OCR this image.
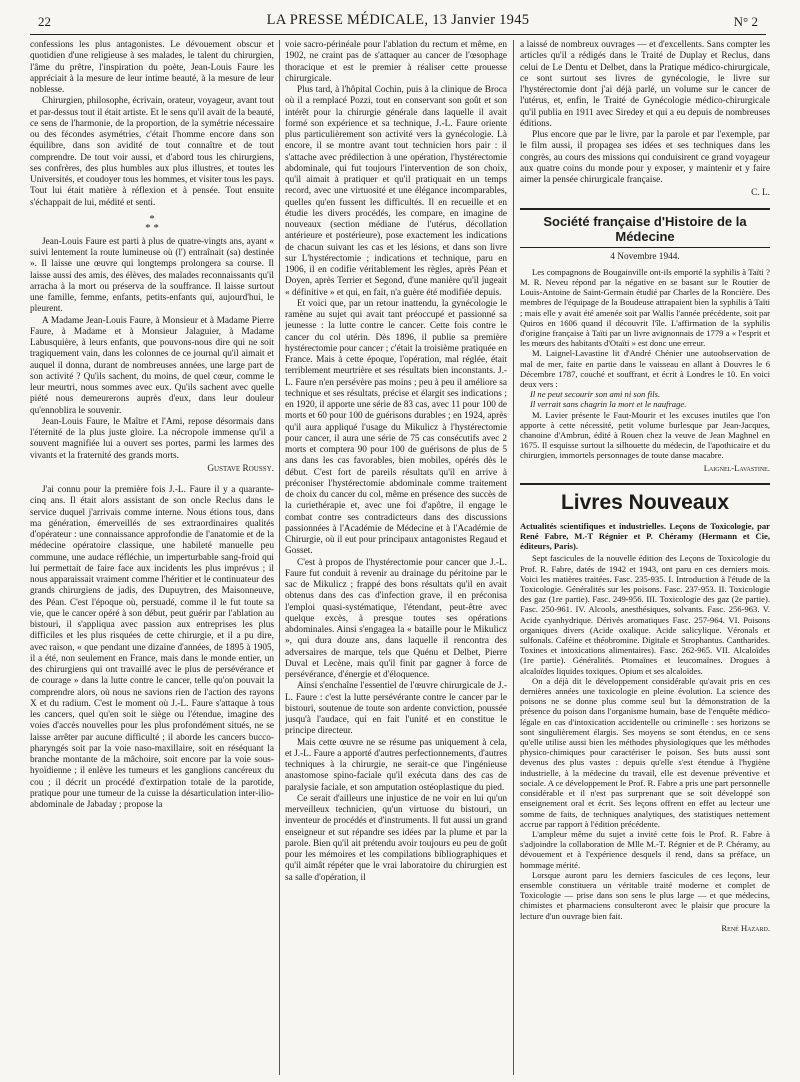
22	LA PRESSE MÉDICALE, 13 Janvier 1945	N° 2

confessions les plus antagonistes. Le dévouement obscur et quotidien d'une religieuse à ses malades, le talent du chirurgien, l'âme du prêtre, l'inspiration du poète, Jean-Louis Faure les appréciait à la mesure de leur intime beauté, à la mesure de leur noblesse.

Chirurgien, philosophe, écrivain, orateur, voyageur, avant tout et par-dessus tout il était artiste. Et le sens qu'il avait de la beauté, ce sens de l'harmonie, de la proportion, de la symétrie nécessaire ou des fécondes asymétries, c'était l'homme encore dans son équilibre, dans son avidité de tout connaître et de tout comprendre. De tout voir aussi, et d'abord tous les chirurgiens, ses confrères, des plus humbles aux plus illustres, et toutes les Universités, et coudoyer tous les hommes, et visiter tous les pays. Tout lui était matière à réflexion et à pensée. Tout ensuite s'échappait de lui, médité et senti.

*
* *

Jean-Louis Faure est parti à plus de quatre-vingts ans, ayant « suivi lentement la route lumineuse où (l') entraînait (sa) destinée ». Il laisse une œuvre qui longtemps prolongera sa course. Il laisse aussi des amis, des élèves, des malades reconnaissants qu'il arracha à la mort ou préserva de la souffrance. Il laisse surtout une famille, femme, enfants, petits-enfants qui, aujourd'hui, le pleurent.

A Madame Jean-Louis Faure, à Monsieur et à Madame Pierre Faure, à Madame et à Monsieur Jalaguier, à Madame Labusquière, à leurs enfants, que pouvons-nous dire qui ne soit tragiquement vain, dans les colonnes de ce journal qu'il aimait et auquel il donna, durant de nombreuses années, une large part de son activité ? Qu'ils sachent, du moins, de quel cœur, comme le leur meurtri, nous sommes avec eux. Qu'ils sachent avec quelle piété nous demeurerons auprès d'eux, dans leur douleur qu'ennoblira le souvenir.

Jean-Louis Faure, le Maître et l'Ami, repose désormais dans l'éternité de la plus juste gloire. La nécropole immense qu'il a souvent magnifiée lui a ouvert ses portes, parmi les larmes des vivants et la fraternité des grands morts.

Gustave Roussy.

J'ai connu pour la première fois J.-L. Faure il y a quarante-cinq ans. Il était alors assistant de son oncle Reclus dans le service duquel j'arrivais comme interne. Nous étions tous, dans ma génération, émerveillés de ses extraordinaires qualités d'opérateur : une connaissance approfondie de l'anatomie et de la médecine opératoire classique, une habileté manuelle peu commune, une audace réfléchie, un imperturbable sang-froid qui lui permettait de faire face aux incidents les plus imprévus ; il nous apparaissait vraiment comme l'héritier et le continuateur des grands chirurgiens de jadis, des Dupuytren, des Maisonneuve, des Péan. C'est l'époque où, persuadé, comme il le fut toute sa vie, que le cancer opéré à son début, peut guérir par l'ablation au bistouri, il s'appliqua avec passion aux entreprises les plus difficiles et les plus risquées de cette chirurgie, et il a pu dire, avec raison, « que pendant une dizaine d'années, de 1895 à 1905, il a été, non seulement en France, mais dans le monde entier, un des chirurgiens qui ont travaillé avec le plus de persévérance et de courage » dans la lutte contre le cancer, telle qu'on pouvait la comprendre alors, où nous ne savions rien de l'action des rayons X et du radium. C'est le moment où J.-L. Faure s'attaque à tous les cancers, quel qu'en soit le siège ou l'étendue, imagine des voies d'accès nouvelles pour les plus profondément situés, ne se laisse arrêter par aucune difficulté ; il aborde les cancers bucco-pharyngés soit par la voie naso-maxillaire, soit en réséquant la branche montante de la mâchoire, soit encore par la voie sous-hyoïdienne ; il enlève les tumeurs et les ganglions cancéreux du cou ; il décrit un procédé d'extirpation totale de la parotide, pratique pour une tumeur de la cuisse la désarticulation inter-ilio-abdominale de Jabaday ; propose la

voie sacro-périnéale pour l'ablation du rectum et même, en 1902, ne craint pas de s'attaquer au cancer de l'œsophage thoracique et est le premier à réaliser cette prouesse chirurgicale.

Plus tard, à l'hôpital Cochin, puis à la clinique de Broca où il a remplacé Pozzi, tout en conservant son goût et son intérêt pour la chirurgie générale dans laquelle il avait formé son expérience et sa technique, J.-L. Faure oriente plus particulièrement son activité vers la gynécologie. Là encore, il se montre avant tout technicien hors pair : il s'attache avec prédilection à une opération, l'hystérectomie abdominale, qui fut toujours l'intervention de son choix, qu'il aimait à pratiquer et qu'il pratiquait en un temps record, avec une virtuosité et une élégance incomparables, quelles qu'en fussent les difficultés. Il en recueille et en étudie les divers procédés, les compare, en imagine de nouveaux (section médiane de l'utérus, décollation antérieure et postérieure), pose exactement les indications de chacun suivant les cas et les lésions, et dans son livre sur L'hystérectomie ; indications et technique, paru en 1906, il en codifie véritablement les règles, après Péan et Doyen, après Terrier et Segond, d'une manière qu'il jugeait « définitive » et qui, en fait, n'a guère été modifiée depuis.

Et voici que, par un retour inattendu, la gynécologie le ramène au sujet qui avait tant préoccupé et passionné sa jeunesse : la lutte contre le cancer. Cette fois contre le cancer du col utérin. Dès 1896, il publie sa première hystérectomie pour cancer ; c'était la troisième pratiquée en France. Mais à cette époque, l'opération, mal réglée, était terriblement meurtrière et ses résultats bien inconstants. J.-L. Faure n'en persévère pas moins ; peu à peu il améliore sa technique et ses résultats, précise et élargit ses indications ; en 1920, il apporte une série de 83 cas, avec 11 pour 100 de morts et 60 pour 100 de guérisons durables ; en 1924, après qu'il aura appliqué l'usage du Mikulicz à l'hystérectomie pour cancer, il aura une série de 75 cas consécutifs avec 2 morts et comptera 90 pour 100 de guérisons de plus de 5 ans dans les cas favorables, bien mobiles, opérés dès le début. C'est fort de pareils résultats qu'il en arrive à préconiser l'hystérectomie abdominale comme traitement de choix du cancer du col, même en présence des succès de la curiethérapie et, avec une foi d'apôtre, il engage le combat contre ses contradicteurs dans des discussions passionnées à l'Académie de Médecine et à l'Académie de Chirurgie, où il eut pour principaux antagonistes Regaud et Gosset.

C'est à propos de l'hystérectomie pour cancer que J.-L. Faure fut conduit à revenir au drainage du péritoine par le sac de Mikulicz ; frappé des bons résultats qu'il en avait obtenus dans des cas d'infection grave, il en préconisa l'emploi quasi-systématique, l'étendant, peut-être avec quelque excès, à presque toutes ses opérations abdominales. Ainsi s'engagea la « bataille pour le Mikulicz », qui dura douze ans, dans laquelle il rencontra des adversaires de marque, tels que Quénu et Delbet, Pierre Duval et Lecène, mais qu'il finit par gagner à force de persévérance, d'énergie et d'éloquence.

Ainsi s'enchaîne l'essentiel de l'œuvre chirurgicale de J.-L. Faure : c'est la lutte persévérante contre le cancer par le bistouri, soutenue de toute son ardente conviction, poussée jusqu'à l'audace, qui en fait l'unité et en constitue le principe directeur.

Mais cette œuvre ne se résume pas uniquement à cela, et J.-L. Faure a apporté d'autres perfectionnements, d'autres techniques à la chirurgie, ne serait-ce que l'ingénieuse anastomose spino-faciale qu'il exécuta dans des cas de paralysie faciale, et son amputation ostéoplastique du pied.

Ce serait d'ailleurs une injustice de ne voir en lui qu'un merveilleux technicien, qu'un virtuose du bistouri, un inventeur de procédés et d'instruments. Il fut aussi un grand enseigneur et sut répandre ses idées par la plume et par la parole. Bien qu'il ait prétendu avoir toujours eu peu de goût pour les mémoires et les compilations bibliographiques et qu'il aimât répéter que le vrai laboratoire du chirurgien est sa salle d'opération, il

a laissé de nombreux ouvrages — et d'excellents. Sans compter les articles qu'il a rédigés dans le Traité de Duplay et Reclus, dans celui de Le Dentu et Delbet, dans la Pratique médico-chirurgicale, ce sont surtout ses livres de gynécologie, le livre sur l'hystérectomie dont j'ai déjà parlé, un volume sur le cancer de l'utérus, et, enfin, le Traité de Gynécologie médico-chirurgicale qu'il publia en 1911 avec Siredey et qui a eu depuis de nombreuses éditions.

Plus encore que par le livre, par la parole et par l'exemple, par le film aussi, il propagea ses idées et ses techniques dans les congrès, au cours des missions qui conduisirent ce grand voyageur aux quatre coins du monde pour y exposer, y maintenir et y faire aimer la pensée chirurgicale française.

C. L.
Société française d'Histoire de la Médecine
4 Novembre 1944.

Les compagnons de Bougainville ont-ils emporté la syphilis à Taïti ? M. R. Neveu répond par la négative en se basant sur le Routier de Louis-Antoine de Saint-Germain étudié par Charles de la Roncière. Des membres de l'équipage de la Boudeuse attrapaient bien la syphilis à Taïti ; mais elle y avait été amenée soit par Wallis l'année précédente, soit par Quiros en 1606 quand il découvrit l'île. L'affirmation de la syphilis d'origine française à Taïti par un livre avignonnais de 1779 a « l'esprit et les mœurs des habitants d'Otaïti » est donc une erreur.

M. Laignel-Lavastine lit d'André Chénier une autoobservation de mal de mer, faite en partie dans le vaisseau en allant à Douvres le 6 Décembre 1787, couché et souffrant, et écrit à Londres le 10. En voici deux vers :

Il ne peut secourir son ami ni son fils.

Il verrait sans chagrin la mort et le naufrage.

M. Lavier présente le Faut-Mourir et les excuses inutiles que l'on apporte à cette nécessité, petit volume burlesque par Jean-Jacques, chanoine d'Ambrun, édité à Rouen chez la veuve de Jean Maghnel en 1675. Il esquisse surtout la silhouette du médecin, de l'apothicaire et du chirurgien, immortels personnages de toute danse macabre.

Laignel-Lavastine.
Livres Nouveaux

Actualités scientifiques et industrielles. Leçons de Toxicologie, par René Fabre, M.-T Régnier et P. Chéramy (Hermann et Cie, éditeurs, Paris).

Sept fascicules de la nouvelle édition des Leçons de Toxicologie du Prof. R. Fabre, datés de 1942 et 1943, ont paru en ces derniers mois. Voici les matières traitées. Fasc. 235-935. I. Introduction à l'étude de la Toxicologie. Généralités sur les poisons. Fasc. 237-953. II. Toxicologie des gaz (1re partie). Fasc. 249-956. III. Toxicologie des gaz (2e partie). Fasc. 250-961. IV. Alcools, anesthésiques, solvants. Fasc. 256-963. V. Acide cyanhydrique. Dérivés aromatiques Fasc. 257-964. VI. Poisons organiques divers (Acide oxalique. Acide salicylique. Véronals et sulfonals. Caféine et théobromine. Digitale et Strophantus. Cantharides. Toxines et intoxications alimentaires). Fasc. 262-965. VII. Alcaloïdes (1re partie). Généralités. Ptomaïnes et leucomaïnes. Drogues à alcaloïdes liquides toxiques. Opium et ses alcaloïdes.

On a déjà dit le développement considérable qu'avait pris en ces dernières années une toxicologie en pleine évolution. La science des poisons ne se donne plus comme seul but la démonstration de la présence du poison dans l'organisme humain, base de l'enquête médico-légale en cas d'intoxication accidentelle ou criminelle : ses horizons se sont singulièrement élargis. Ses moyens se sont étendus, en ce sens qu'elle utilise aussi bien les méthodes physiologiques que les méthodes physico-chimiques pour caractériser le poison. Ses buts aussi sont devenus des plus vastes : depuis qu'elle s'est étendue à l'hygiène industrielle, à la médecine du travail, elle est devenue préventive et sociale. A ce développement le Prof. R. Fabre a pris une part personnelle considérable et il n'est pas surprenant que se soit développé son enseignement oral et écrit. Ses leçons offrent en effet au lecteur une somme de faits, de techniques analytiques, des statistiques nettement accrue par rapport à l'édition précédente.

L'ampleur même du sujet a invité cette fois le Prof. R. Fabre à s'adjoindre la collaboration de Mlle M.-T. Régnier et de P. Chéramy, au dévouement et à l'expérience desquels il rend, dans sa préface, un hommage mérité.

Lorsque auront paru les derniers fascicules de ces leçons, leur ensemble constituera un véritable traité moderne et complet de Toxicologie — prise dans son sens le plus large — et que médecins, chimistes et pharmaciens consulteront avec le plaisir que procure la lecture d'un ouvrage bien fait.

René Hazard.
